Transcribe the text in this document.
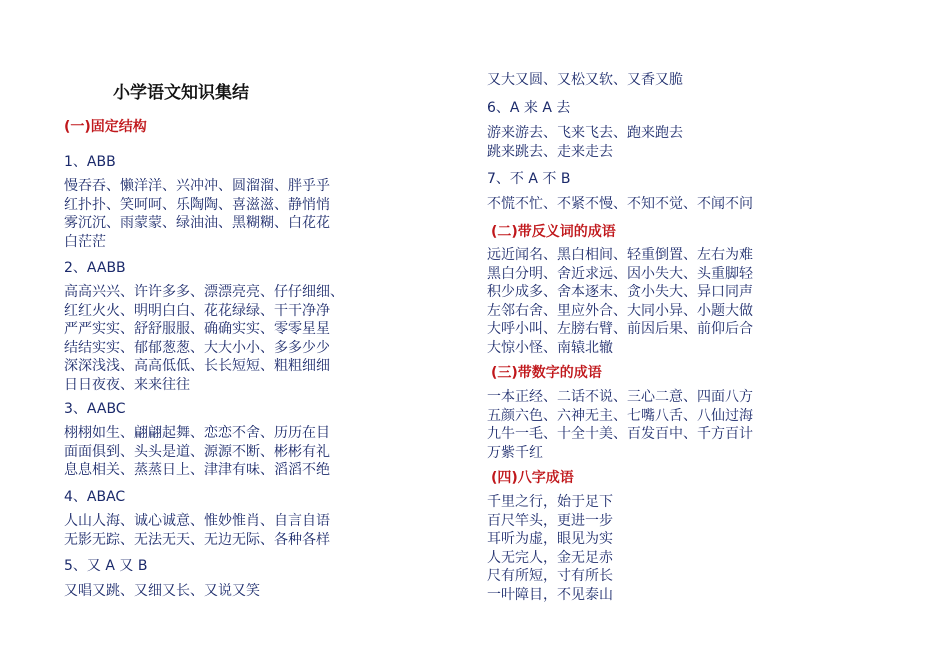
小学语文知识集结
(一)固定结构
1、ABB
慢吞吞、懒洋洋、兴冲冲、圆溜溜、胖乎乎
红扑扑、笑呵呵、乐陶陶、喜滋滋、静悄悄
雾沉沉、雨蒙蒙、绿油油、黑糊糊、白花花
白茫茫
2、AABB
高高兴兴、许许多多、漂漂亮亮、仔仔细细、
红红火火、明明白白、花花绿绿、干干净净
严严实实、舒舒服服、确确实实、零零星星
结结实实、郁郁葱葱、大大小小、多多少少
深深浅浅、高高低低、长长短短、粗粗细细
日日夜夜、来来往往
3、AABC
栩栩如生、翩翩起舞、恋恋不舍、历历在目
面面俱到、头头是道、源源不断、彬彬有礼
息息相关、蒸蒸日上、津津有味、滔滔不绝
4、ABAC
人山人海、诚心诚意、惟妙惟肖、自言自语
无影无踪、无法无天、无边无际、各种各样
5、又 A 又 B
又唱又跳、又细又长、又说又笑
又大又圆、又松又软、又香又脆
6、A 来 A 去
游来游去、飞来飞去、跑来跑去
跳来跳去、走来走去
7、不 A 不 B
不慌不忙、不紧不慢、不知不觉、不闻不问
(二)带反义词的成语
远近闻名、黑白相间、轻重倒置、左右为难
黑白分明、舍近求远、因小失大、头重脚轻
积少成多、舍本逐末、贪小失大、异口同声
左邻右舍、里应外合、大同小异、小题大做
大呼小叫、左膀右臂、前因后果、前仰后合
大惊小怪、南辕北辙
(三)带数字的成语
一本正经、二话不说、三心二意、四面八方
五颜六色、六神无主、七嘴八舌、八仙过海
九牛一毛、十全十美、百发百中、千方百计
万紫千红
(四)八字成语
千里之行，始于足下
百尺竿头，更进一步
耳听为虚，眼见为实
人无完人，金无足赤
尺有所短，寸有所长
一叶障目，不见泰山
